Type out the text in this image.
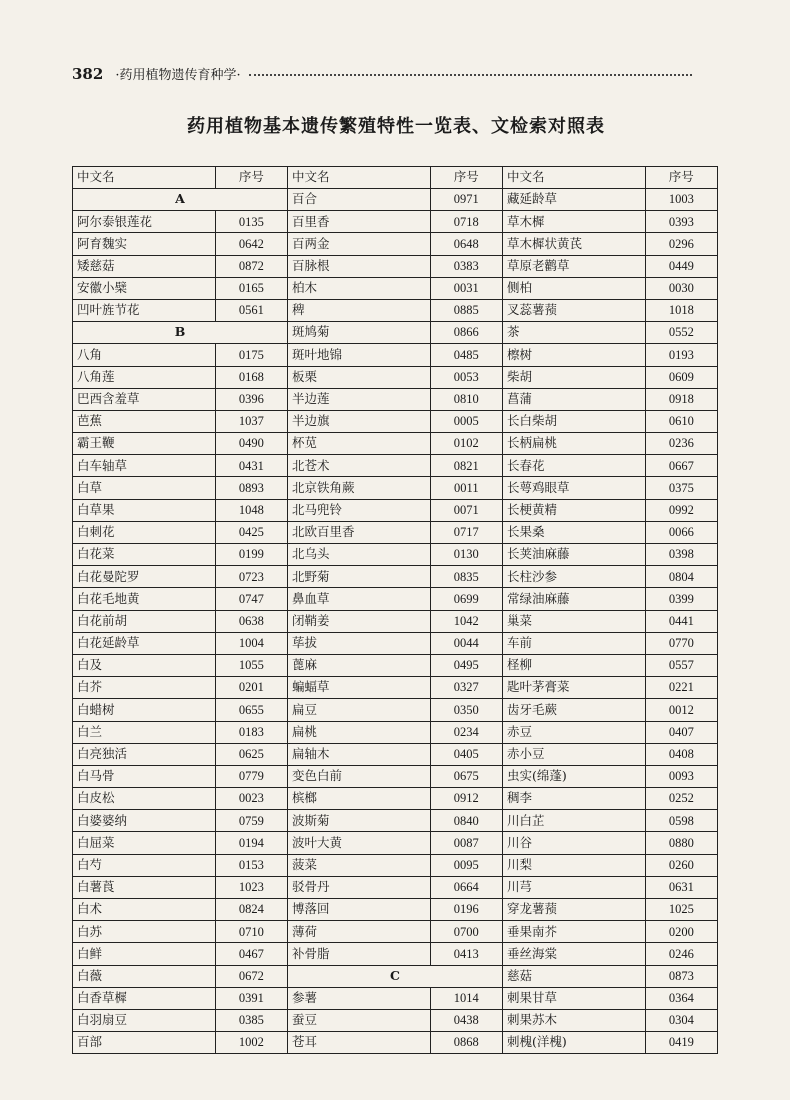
382 ·药用植物遗传育种学·
药用植物基本遗传繁殖特性一览表、文检索对照表
中文名	序号	中文名	序号	中文名	序号
A		百合	0971	藏延龄草	1003
阿尔泰银莲花	0135	百里香	0718	草木樨	0393
阿育魏实	0642	百两金	0648	草木樨状黄芪	0296
矮慈菇	0872	百脉根	0383	草原老鹳草	0449
安徽小檗	0165	柏木	0031	侧柏	0030
凹叶旌节花	0561	稗	0885	叉蕊薯蓣	1018
B		斑鸠菊	0866	茶	0552
八角	0175	斑叶地锦	0485	檫树	0193
八角莲	0168	板栗	0053	柴胡	0609
巴西含羞草	0396	半边莲	0810	菖蒲	0918
芭蕉	1037	半边旗	0005	长白柴胡	0610
霸王鞭	0490	杯苋	0102	长柄扁桃	0236
白车轴草	0431	北苍术	0821	长春花	0667
白草	0893	北京铁角蕨	0011	长萼鸡眼草	0375
白草果	1048	北马兜铃	0071	长梗黄精	0992
白刺花	0425	北欧百里香	0717	长果桑	0066
白花菜	0199	北乌头	0130	长荚油麻藤	0398
白花曼陀罗	0723	北野菊	0835	长柱沙参	0804
白花毛地黄	0747	鼻血草	0699	常绿油麻藤	0399
白花前胡	0638	闭鞘姜	1042	巢菜	0441
白花延龄草	1004	荜拔	0044	车前	0770
白及	1055	蓖麻	0495	柽柳	0557
白芥	0201	蝙蝠草	0327	匙叶茅膏菜	0221
白蜡树	0655	扁豆	0350	齿牙毛蕨	0012
白兰	0183	扁桃	0234	赤豆	0407
白亮独活	0625	扁轴木	0405	赤小豆	0408
白马骨	0779	变色白前	0675	虫实(绵蓬)	0093
白皮松	0023	槟榔	0912	稠李	0252
白婆婆纳	0759	波斯菊	0840	川白芷	0598
白屈菜	0194	波叶大黄	0087	川谷	0880
白芍	0153	菠菜	0095	川梨	0260
白薯莨	1023	驳骨丹	0664	川芎	0631
白术	0824	博落回	0196	穿龙薯蓣	1025
白苏	0710	薄荷	0700	垂果南芥	0200
白鲜	0467	补骨脂	0413	垂丝海棠	0246
白薇	0672	C		慈菇	0873
白香草樨	0391	参薯	1014	刺果甘草	0364
白羽扇豆	0385	蚕豆	0438	刺果苏木	0304
百部	1002	苍耳	0868	刺槐(洋槐)	0419
